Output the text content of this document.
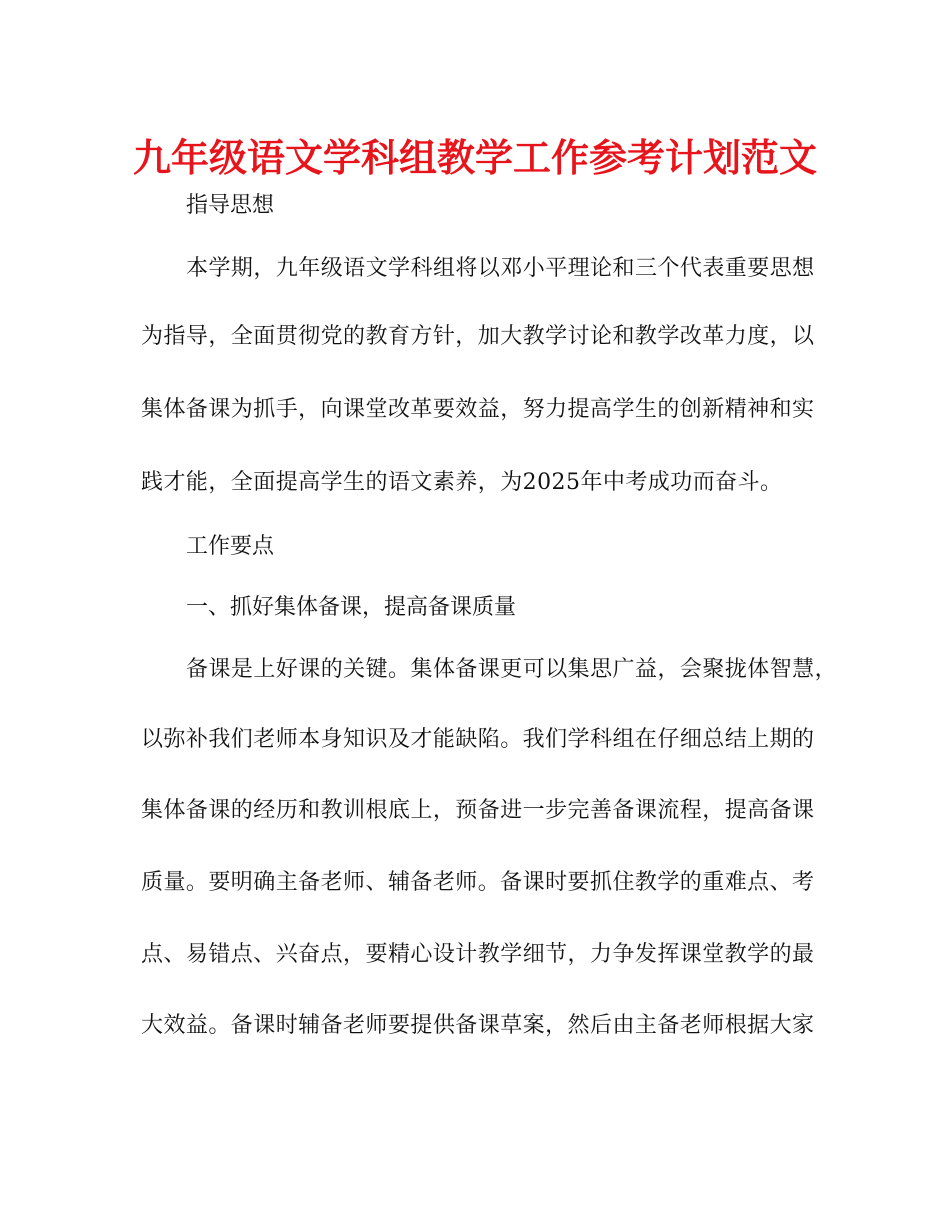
九年级语文学科组教学工作参考计划范文

指导思想

本学期，九年级语文学科组将以邓小平理论和三个代表重要思想

为指导，全面贯彻党的教育方针，加大教学讨论和教学改革力度，以

集体备课为抓手，向课堂改革要效益，努力提高学生的创新精神和实

践才能，全面提高学生的语文素养，为2025年中考成功而奋斗。

工作要点

一、抓好集体备课，提高备课质量

备课是上好课的关键。集体备课更可以集思广益，会聚拢体智慧，

以弥补我们老师本身知识及才能缺陷。我们学科组在仔细总结上期的

集体备课的经历和教训根底上，预备进一步完善备课流程，提高备课

质量。要明确主备老师、辅备老师。备课时要抓住教学的重难点、考

点、易错点、兴奋点，要精心设计教学细节，力争发挥课堂教学的最

大效益。备课时辅备老师要提供备课草案，然后由主备老师根据大家
